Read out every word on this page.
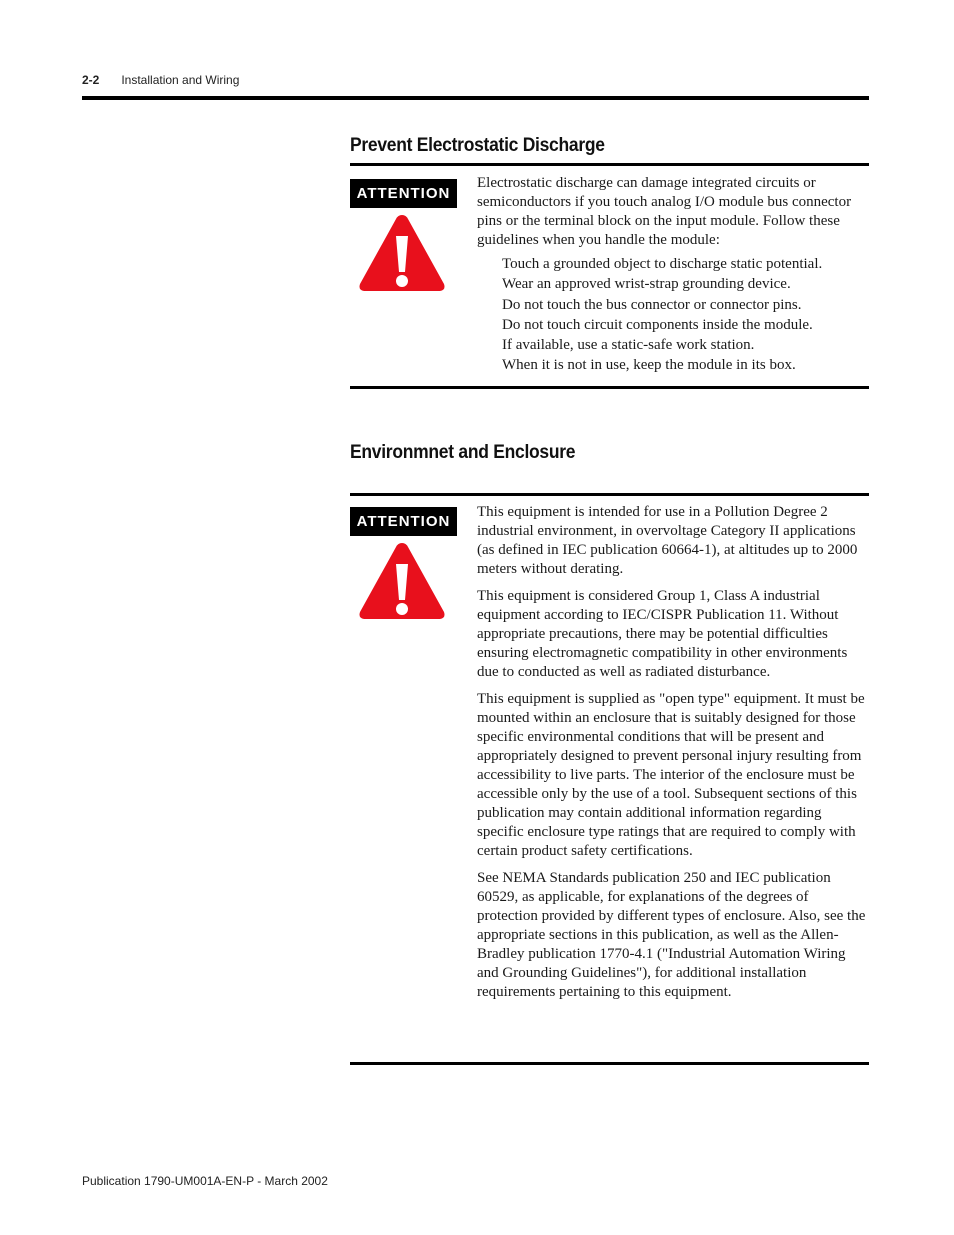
2-2 Installation and Wiring
Prevent Electrostatic Discharge
ATTENTION

Electrostatic discharge can damage integrated circuits or semiconductors if you touch analog I/O module bus connector pins or the terminal block on the input module. Follow these guidelines when you handle the module:

Touch a grounded object to discharge static potential.
Wear an approved wrist-strap grounding device.
Do not touch the bus connector or connector pins.
Do not touch circuit components inside the module.
If available, use a static-safe work station.
When it is not in use, keep the module in its box.
Environmnet and Enclosure
ATTENTION

This equipment is intended for use in a Pollution Degree 2 industrial environment, in overvoltage Category II applications (as defined in IEC publication 60664-1), at altitudes up to 2000 meters without derating.

This equipment is considered Group 1, Class A industrial equipment according to IEC/CISPR Publication 11. Without appropriate precautions, there may be potential difficulties ensuring electromagnetic compatibility in other environments due to conducted as well as radiated disturbance.

This equipment is supplied as "open type" equipment. It must be mounted within an enclosure that is suitably designed for those specific environmental conditions that will be present and appropriately designed to prevent personal injury resulting from accessibility to live parts. The interior of the enclosure must be accessible only by the use of a tool. Subsequent sections of this publication may contain additional information regarding specific enclosure type ratings that are required to comply with certain product safety certifications.

See NEMA Standards publication 250 and IEC publication 60529, as applicable, for explanations of the degrees of protection provided by different types of enclosure. Also, see the appropriate sections in this publication, as well as the Allen-Bradley publication 1770-4.1 ("Industrial Automation Wiring and Grounding Guidelines"), for additional installation requirements pertaining to this equipment.

Publication 1790-UM001A-EN-P - March 2002
